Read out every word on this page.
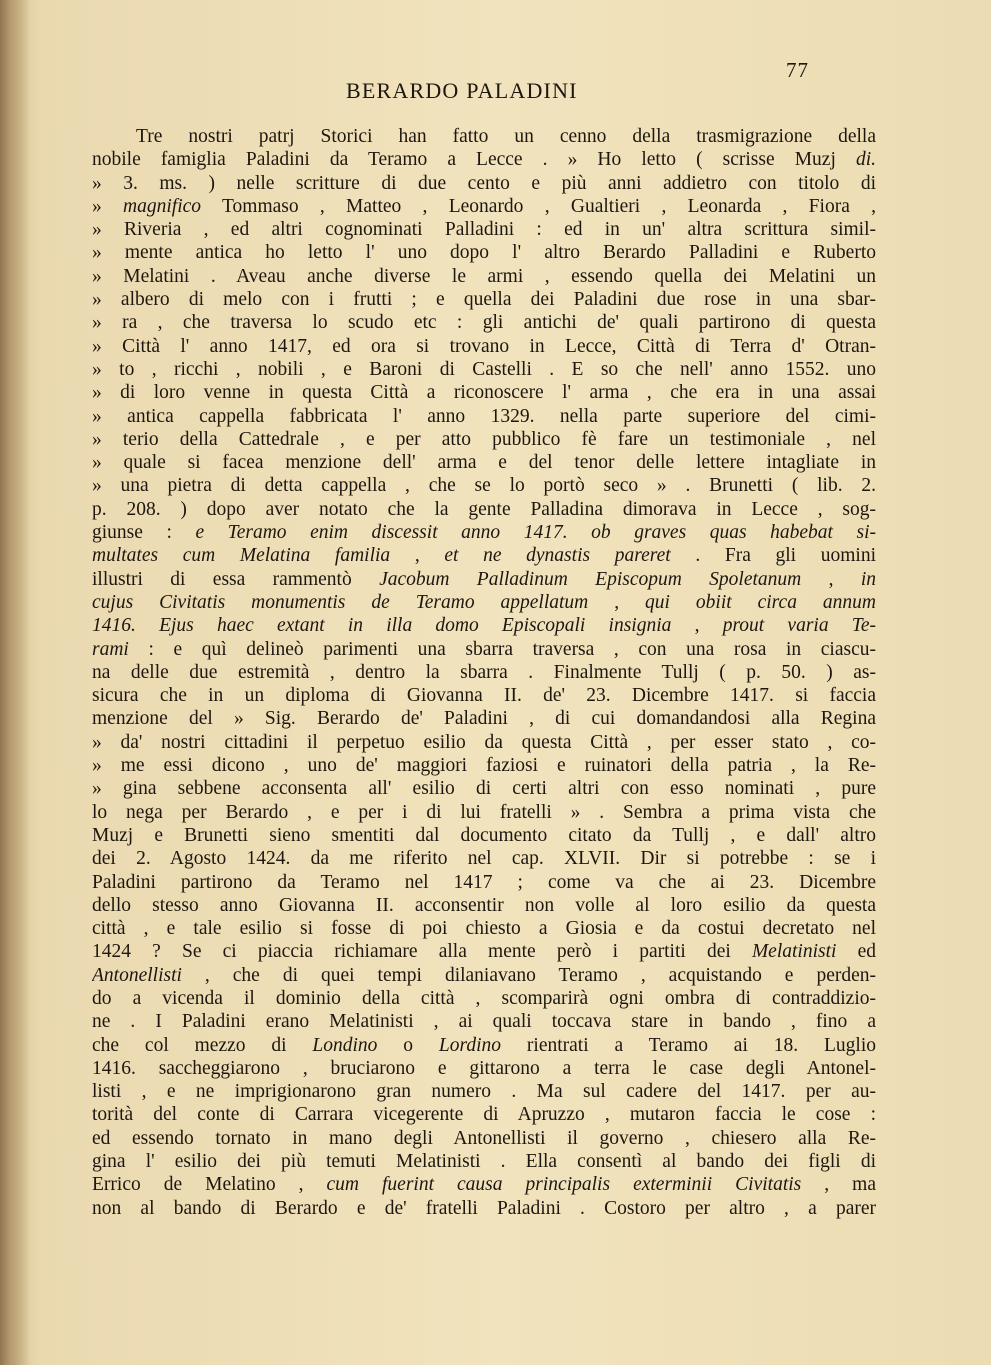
77
BERARDO PALADINI
Tre nostri patrj Storici han fatto un cenno della trasmigrazione della
nobile famiglia Paladini da Teramo a Lecce . » Ho letto ( scrisse Muzj di.
» 3. ms. ) nelle scritture di due cento e più anni addietro con titolo di
» magnifico Tommaso , Matteo , Leonardo , Gualtieri , Leonarda , Fiora ,
» Riveria , ed altri cognominati Palladini : ed in un' altra scrittura simil-
» mente antica ho letto l' uno dopo l' altro Berardo Palladini e Ruberto
» Melatini . Aveau anche diverse le armi , essendo quella dei Melatini un
» albero di melo con i frutti ; e quella dei Paladini due rose in una sbar-
» ra , che traversa lo scudo etc : gli antichi de' quali partirono di questa
» Città l' anno 1417, ed ora si trovano in Lecce, Città di Terra d' Otran-
» to , ricchi , nobili , e Baroni di Castelli . E so che nell' anno 1552. uno
» di loro venne in questa Città a riconoscere l' arma , che era in una assai
» antica cappella fabbricata l' anno 1329. nella parte superiore del cimi-
» terio della Cattedrale , e per atto pubblico fè fare un testimoniale , nel
» quale si facea menzione dell' arma e del tenor delle lettere intagliate in
» una pietra di detta cappella , che se lo portò seco » . Brunetti ( lib. 2.
p. 208. ) dopo aver notato che la gente Palladina dimorava in Lecce , sog-
giunse : e Teramo enim discessit anno 1417. ob graves quas habebat si-
multates cum Melatina familia , et ne dynastis pareret . Fra gli uomini
illustri di essa rammentò Jacobum Palladinum Episcopum Spoletanum , in
cujus Civitatis monumentis de Teramo appellatum , qui obiit circa annum
1416. Ejus haec extant in illa domo Episcopali insignia , prout varia Te-
rami : e quì delineò parimenti una sbarra traversa , con una rosa in ciascu-
na delle due estremità , dentro la sbarra . Finalmente Tullj ( p. 50. ) as-
sicura che in un diploma di Giovanna II. de' 23. Dicembre 1417. si faccia
menzione del » Sig. Berardo de' Paladini , di cui domandandosi alla Regina
» da' nostri cittadini il perpetuo esilio da questa Città , per esser stato , co-
» me essi dicono , uno de' maggiori faziosi e ruinatori della patria , la Re-
» gina sebbene acconsenta all' esilio di certi altri con esso nominati , pure
lo nega per Berardo , e per i di lui fratelli » . Sembra a prima vista che
Muzj e Brunetti sieno smentiti dal documento citato da Tullj , e dall' altro
dei 2. Agosto 1424. da me riferito nel cap. XLVII. Dir si potrebbe : se i
Paladini partirono da Teramo nel 1417 ; come va che ai 23. Dicembre
dello stesso anno Giovanna II. acconsentir non volle al loro esilio da questa
città , e tale esilio si fosse di poi chiesto a Giosia e da costui decretato nel
1424 ? Se ci piaccia richiamare alla mente però i partiti dei Melatinisti ed
Antonellisti , che di quei tempi dilaniavano Teramo , acquistando e perden-
do a vicenda il dominio della città , scomparirà ogni ombra di contraddizio-
ne . I Paladini erano Melatinisti , ai quali toccava stare in bando , fino a
che col mezzo di Londino o Lordino rientrati a Teramo ai 18. Luglio
1416. saccheggiarono , bruciarono e gittarono a terra le case degli Antonel-
listi , e ne imprigionarono gran numero . Ma sul cadere del 1417. per au-
torità del conte di Carrara vicegerente di Apruzzo , mutaron faccia le cose :
ed essendo tornato in mano degli Antonellisti il governo , chiesero alla Re-
gina l' esilio dei più temuti Melatinisti . Ella consentì al bando dei figli di
Errico de Melatino , cum fuerint causa principalis exterminii Civitatis , ma
non al bando di Berardo e de' fratelli Paladini . Costoro per altro , a parer
